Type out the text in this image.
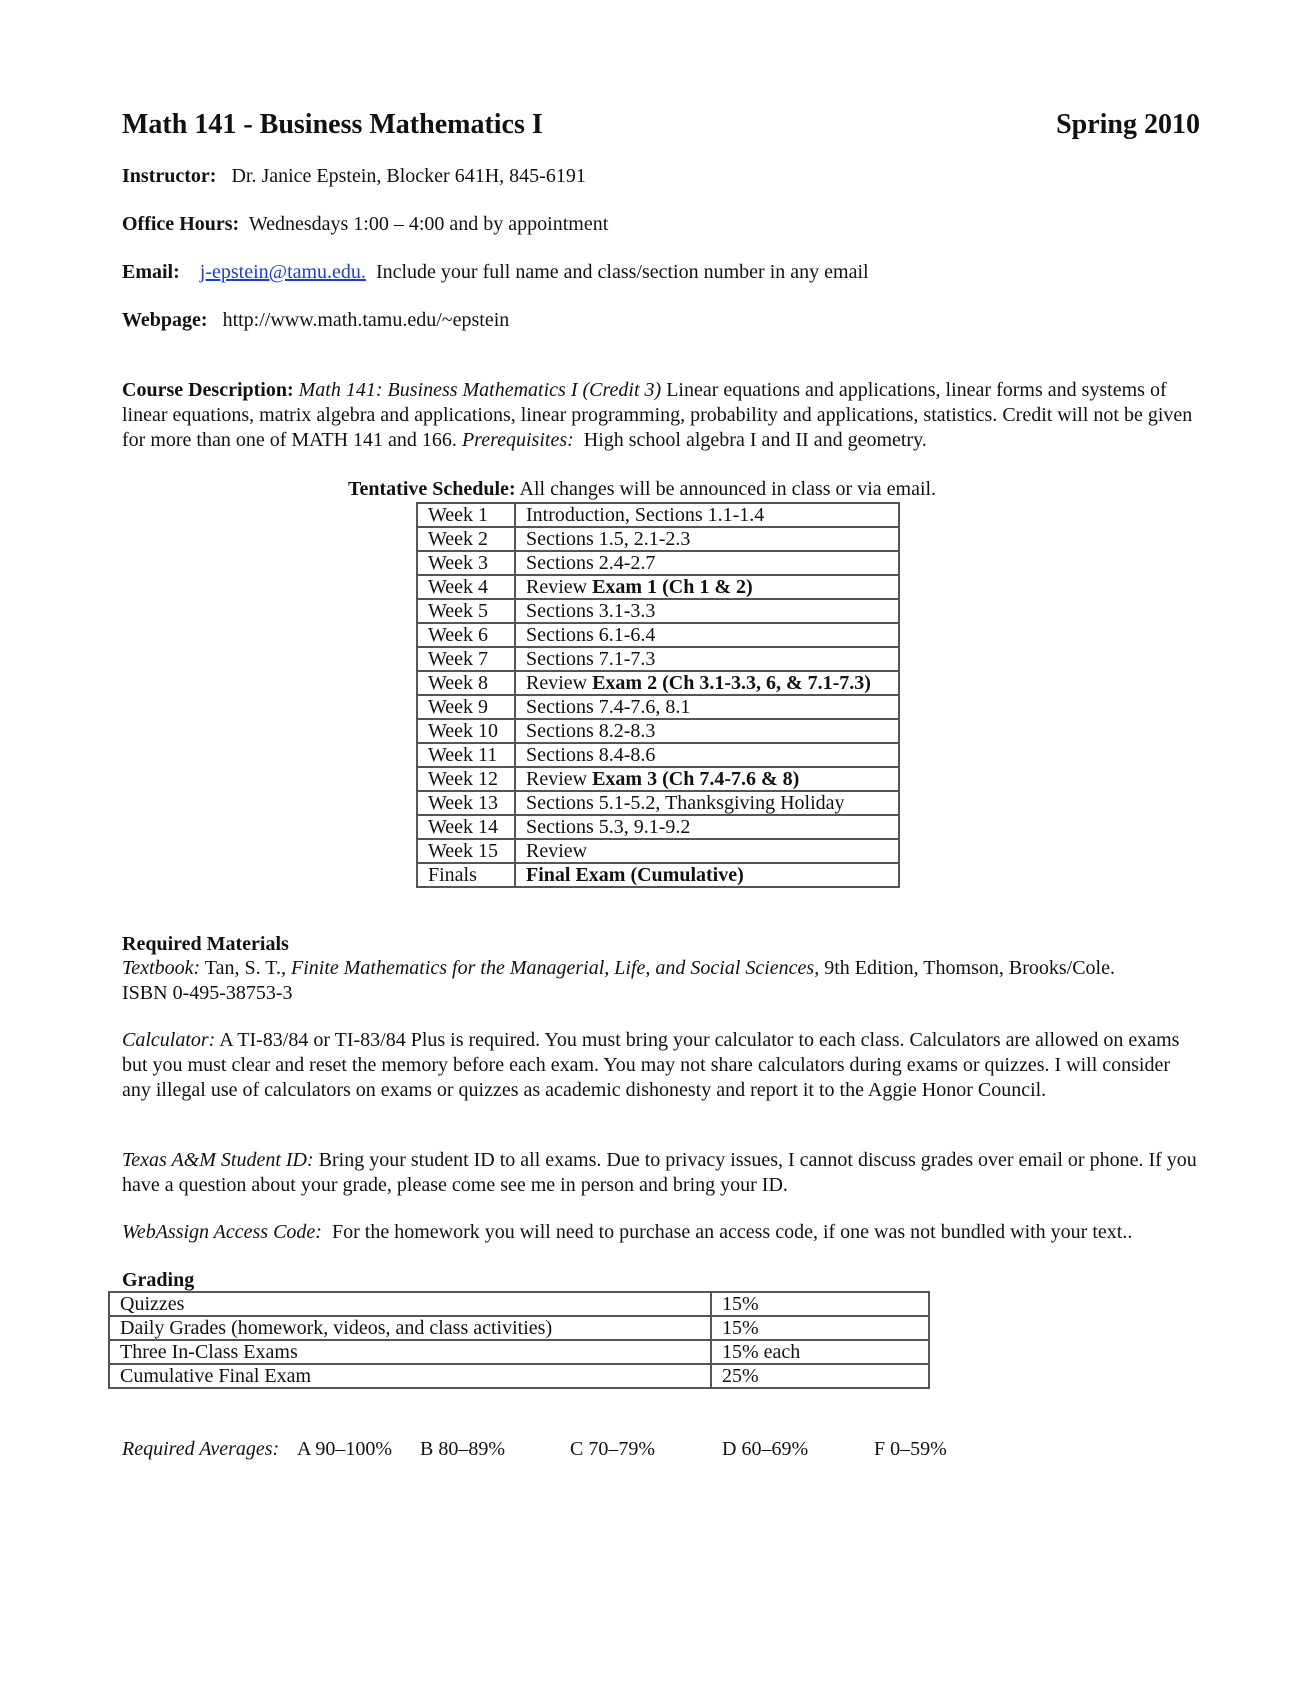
Math 141 - Business Mathematics I	Spring 2010

Instructor: Dr. Janice Epstein, Blocker 641H, 845-6191

Office Hours: Wednesdays 1:00 – 4:00 and by appointment

Email: j-epstein@tamu.edu. Include your full name and class/section number in any email

Webpage: http://www.math.tamu.edu/~epstein

Course Description: Math 141: Business Mathematics I (Credit 3) Linear equations and applications, linear forms and systems of linear equations, matrix algebra and applications, linear programming, probability and applications, statistics. Credit will not be given for more than one of MATH 141 and 166. Prerequisites: High school algebra I and II and geometry.

Tentative Schedule: All changes will be announced in class or via email.

Week 1	Introduction, Sections 1.1-1.4
Week 2	Sections 1.5, 2.1-2.3
Week 3	Sections 2.4-2.7
Week 4	Review Exam 1 (Ch 1 & 2)
Week 5	Sections 3.1-3.3
Week 6	Sections 6.1-6.4
Week 7	Sections 7.1-7.3
Week 8	Review Exam 2 (Ch 3.1-3.3, 6, & 7.1-7.3)
Week 9	Sections 7.4-7.6, 8.1
Week 10	Sections 8.2-8.3
Week 11	Sections 8.4-8.6
Week 12	Review Exam 3 (Ch 7.4-7.6 & 8)
Week 13	Sections 5.1-5.2, Thanksgiving Holiday
Week 14	Sections 5.3, 9.1-9.2
Week 15	Review
Finals	Final Exam (Cumulative)

Required Materials

Textbook: Tan, S. T., Finite Mathematics for the Managerial, Life, and Social Sciences, 9th Edition, Thomson, Brooks/Cole.
ISBN 0-495-38753-3

Calculator: A TI-83/84 or TI-83/84 Plus is required. You must bring your calculator to each class. Calculators are allowed on exams but you must clear and reset the memory before each exam. You may not share calculators during exams or quizzes. I will consider any illegal use of calculators on exams or quizzes as academic dishonesty and report it to the Aggie Honor Council.

Texas A&M Student ID: Bring your student ID to all exams. Due to privacy issues, I cannot discuss grades over email or phone. If you have a question about your grade, please come see me in person and bring your ID.

WebAssign Access Code: For the homework you will need to purchase an access code, if one was not bundled with your text..

Grading

Quizzes	15%
Daily Grades (homework, videos, and class activities)	15%
Three In-Class Exams	15% each
Cumulative Final Exam	25%
Required Averages: A 90–100% B 80–89%	C 70–79%	D 60–69%	F 0–59%
